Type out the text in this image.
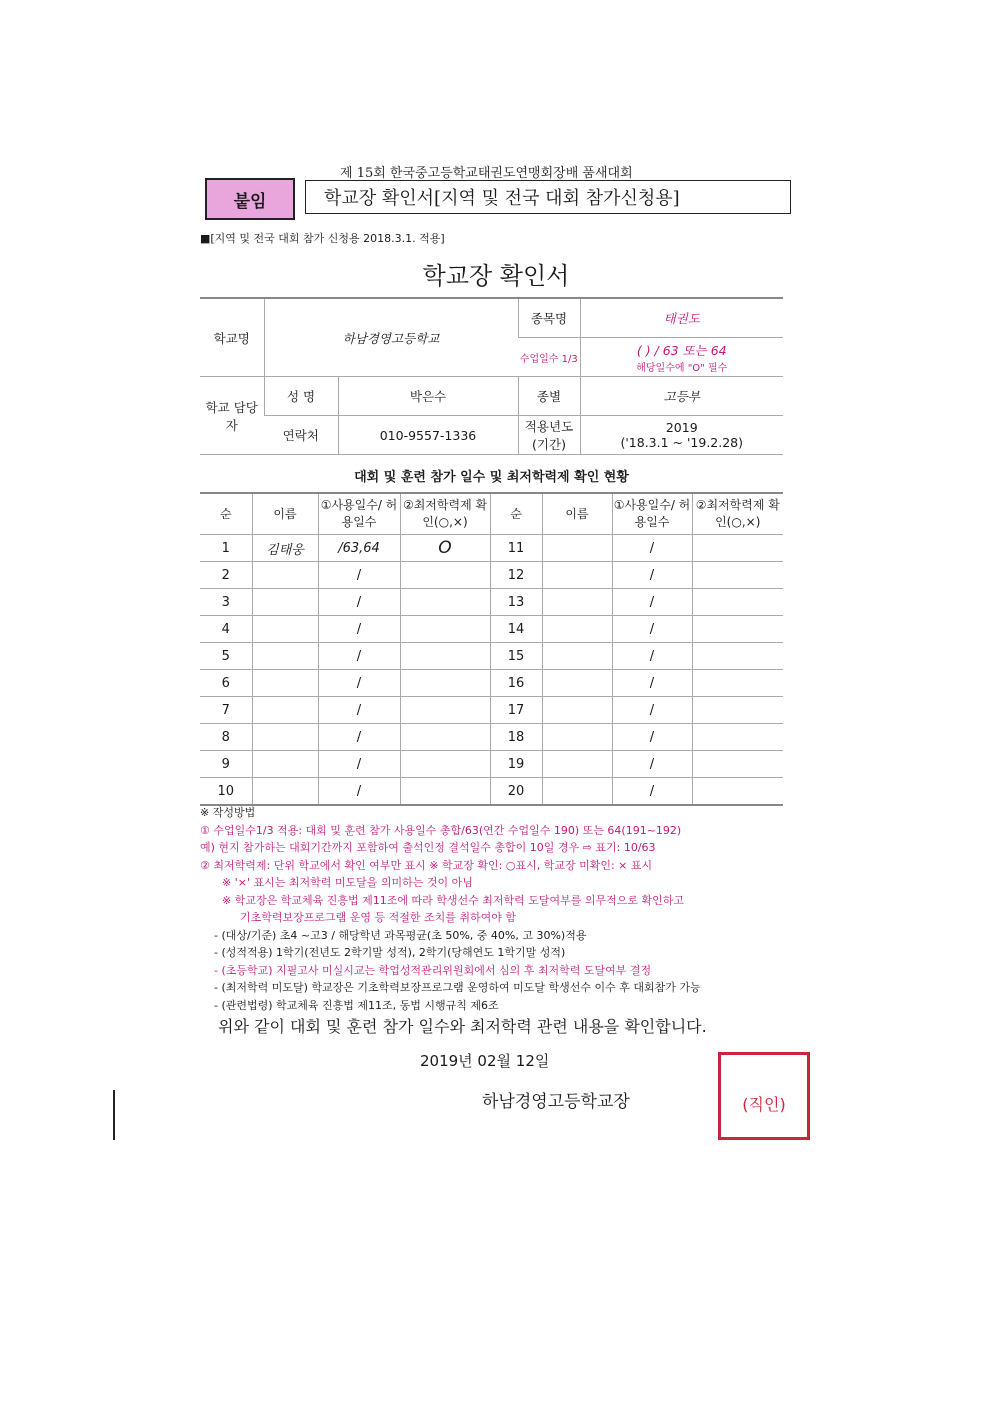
제 15회 한국중고등학교태권도연맹회장배 품새대회
붙임	학교장 확인서[지역 및 전국 대회 참가신청용]
■[지역 및 전국 대회 참가 신청용 2018.3.1. 적용]
학교장 확인서
학교명	하남경영고등학교		종목명	태권도
			수업일수 1/3	( ) / 63 또는 64
해당일수에 "O" 필수

학교 담당자	성 명	박은수	종별	고등부
	연락처	010-9557-1336	적용년도 (기간)	2019
('18.3.1 ~ '19.2.28)
대회 및 훈련 참가 일수 및 최저학력제 확인 현황
순	이름	①사용일수/ 허용일수	②최저학력제 확인(○,×)	순	이름	①사용일수/ 허용일수	②최저학력제 확인(○,×)
1	김태웅	/63,64	O	11		/	
2		/		12		/	
3		/		13		/	
4		/		14		/	
5		/		15		/	
6		/		16		/	
7		/		17		/	
8		/		18		/	
9		/		19		/	
10		/		20		/	
※ 작성방법
① 수업일수1/3 적용: 대회 및 훈련 참가 사용일수 총합/63(연간 수업일수 190) 또는 64(191~192)
예) 현지 참가하는 대회기간까지 포함하여 출석인정 결석일수 총합이 10일 경우 ⇨ 표기: 10/63
② 최저학력제: 단위 학교에서 확인 여부만 표시 ※ 학교장 확인: ○표시, 학교장 미확인: × 표시
※ '×' 표시는 최저학력 미도달을 의미하는 것이 아님
※ 학교장은 학교체육 진흥법 제11조에 따라 학생선수 최저학력 도달여부를 의무적으로 확인하고
기초학력보장프로그램 운영 등 적절한 조치를 취하여야 함
- (대상/기준) 초4 ~고3 / 해당학년 과목평균(초 50%, 중 40%, 고 30%)적용
- (성적적용) 1학기(전년도 2학기말 성적), 2학기(당해연도 1학기말 성적)
- (초등학교) 지필고사 미실시교는 학업성적관리위원회에서 심의 후 최저학력 도달여부 결정
- (최저학력 미도달) 학교장은 기초학력보장프로그램 운영하여 미도달 학생선수 이수 후 대회참가 가능
- (관련법령) 학교체육 진흥법 제11조, 동법 시행규칙 제6조
위와 같이 대회 및 훈련 참가 일수와 최저학력 관련 내용을 확인합니다.
2019년 02월 12일
하남경영고등학교장	(직인)
